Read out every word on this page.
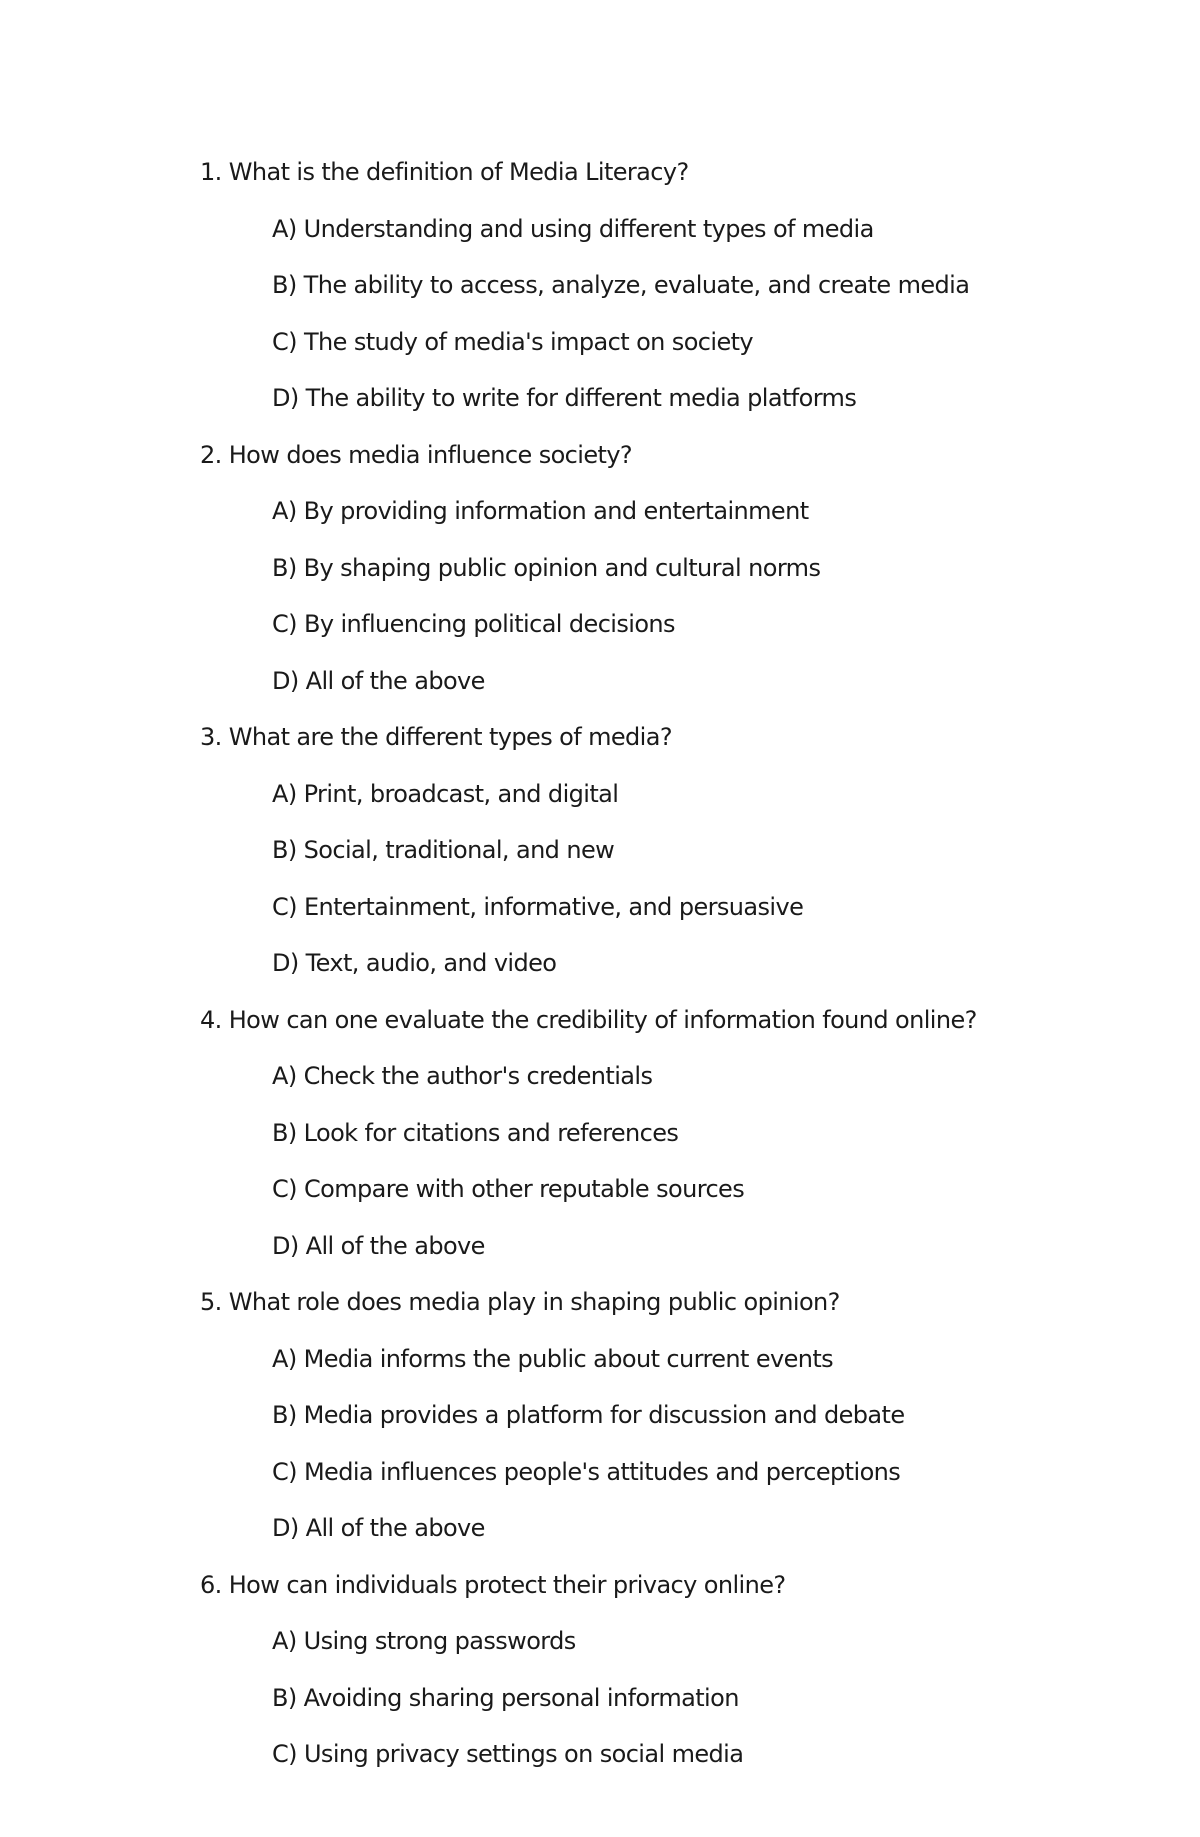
1. What is the definition of Media Literacy?
A) Understanding and using different types of media
B) The ability to access, analyze, evaluate, and create media
C) The study of media's impact on society
D) The ability to write for different media platforms
2. How does media influence society?
A) By providing information and entertainment
B) By shaping public opinion and cultural norms
C) By influencing political decisions
D) All of the above
3. What are the different types of media?
A) Print, broadcast, and digital
B) Social, traditional, and new
C) Entertainment, informative, and persuasive
D) Text, audio, and video
4. How can one evaluate the credibility of information found online?
A) Check the author's credentials
B) Look for citations and references
C) Compare with other reputable sources
D) All of the above
5. What role does media play in shaping public opinion?
A) Media informs the public about current events
B) Media provides a platform for discussion and debate
C) Media influences people's attitudes and perceptions
D) All of the above
6. How can individuals protect their privacy online?
A) Using strong passwords
B) Avoiding sharing personal information
C) Using privacy settings on social media
